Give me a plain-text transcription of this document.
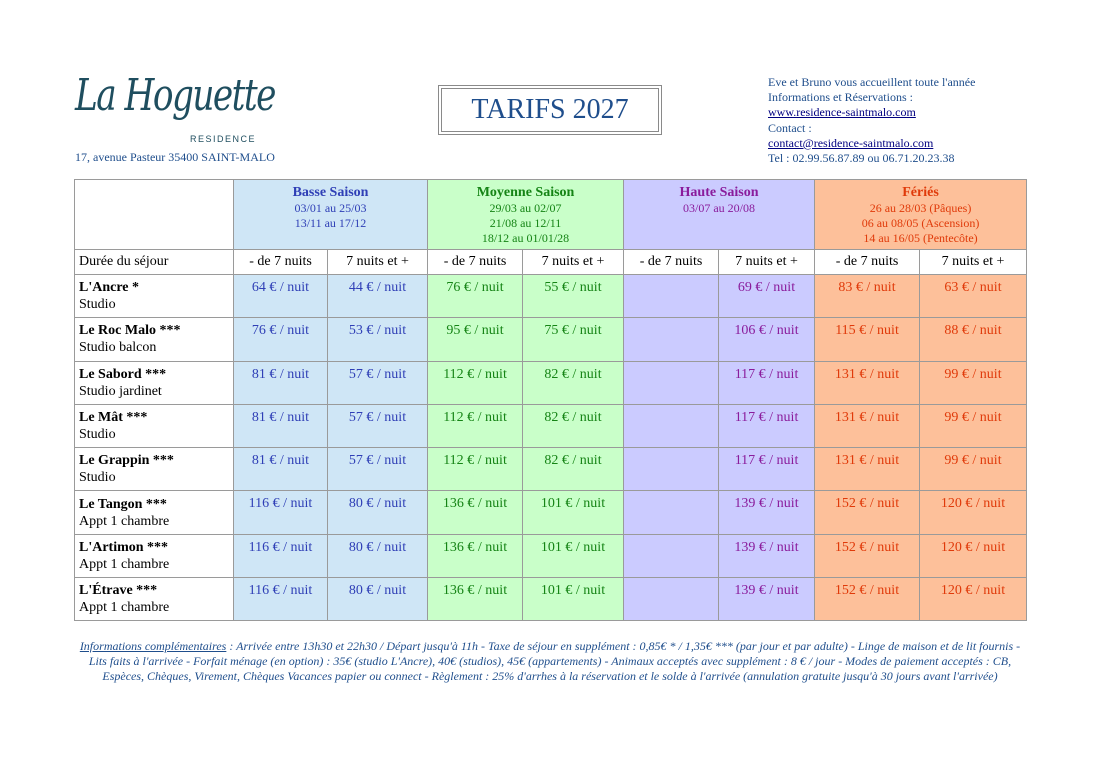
La Hoguette
RESIDENCE
17, avenue Pasteur 35400 SAINT-MALO
TARIFS 2027
Eve et Bruno vous accueillent toute l'année
Informations et Réservations :
www.residence-saintmalo.com
Contact :
contact@residence-saintmalo.com
Tel : 02.99.56.87.89 ou 06.71.20.23.38

	Basse Saison
03/01 au 25/03
13/11 au 17/12		Moyenne Saison
29/03 au 02/07
21/08 au 12/11
18/12 au 01/01/28		Haute Saison
03/07 au 20/08		Fériés
26 au 28/03 (Pâques)
06 au 08/05 (Ascension)
14 au 16/05 (Pentecôte)	
Durée du séjour	- de 7 nuits	7 nuits et +	- de 7 nuits	7 nuits et +	- de 7 nuits	7 nuits et +	- de 7 nuits	7 nuits et +

L'Ancre *
Studio	64 € / nuit	44 € / nuit	76 € / nuit	55 € / nuit		69 € / nuit	83 € / nuit	63 € / nuit

Le Roc Malo ***
Studio balcon	76 € / nuit	53 € / nuit	95 € / nuit	75 € / nuit		106 € / nuit	115 € / nuit	88 € / nuit

Le Sabord ***
Studio jardinet	81 € / nuit	57 € / nuit	112 € / nuit	82 € / nuit		117 € / nuit	131 € / nuit	99 € / nuit

Le Mât ***
Studio	81 € / nuit	57 € / nuit	112 € / nuit	82 € / nuit		117 € / nuit	131 € / nuit	99 € / nuit

Le Grappin ***
Studio	81 € / nuit	57 € / nuit	112 € / nuit	82 € / nuit		117 € / nuit	131 € / nuit	99 € / nuit

Le Tangon ***
Appt 1 chambre	116 € / nuit	80 € / nuit	136 € / nuit	101 € / nuit		139 € / nuit	152 € / nuit	120 € / nuit

L'Artimon ***
Appt 1 chambre	116 € / nuit	80 € / nuit	136 € / nuit	101 € / nuit		139 € / nuit	152 € / nuit	120 € / nuit

L'Étrave ***
Appt 1 chambre	116 € / nuit	80 € / nuit	136 € / nuit	101 € / nuit		139 € / nuit	152 € / nuit	120 € / nuit
Informations complémentaires : Arrivée entre 13h30 et 22h30 / Départ jusqu'à 11h - Taxe de séjour en supplément : 0,85€ * / 1,35€ *** (par jour et par adulte) - Linge de maison et de lit fournis - Lits faits à l'arrivée - Forfait ménage (en option) : 35€ (studio L'Ancre), 40€ (studios), 45€ (appartements) - Animaux acceptés avec supplément : 8 € / jour - Modes de paiement acceptés : CB, Espèces, Chèques, Virement, Chèques Vacances papier ou connect - Règlement : 25% d'arrhes à la réservation et le solde à l'arrivée (annulation gratuite jusqu'à 30 jours avant l'arrivée)
